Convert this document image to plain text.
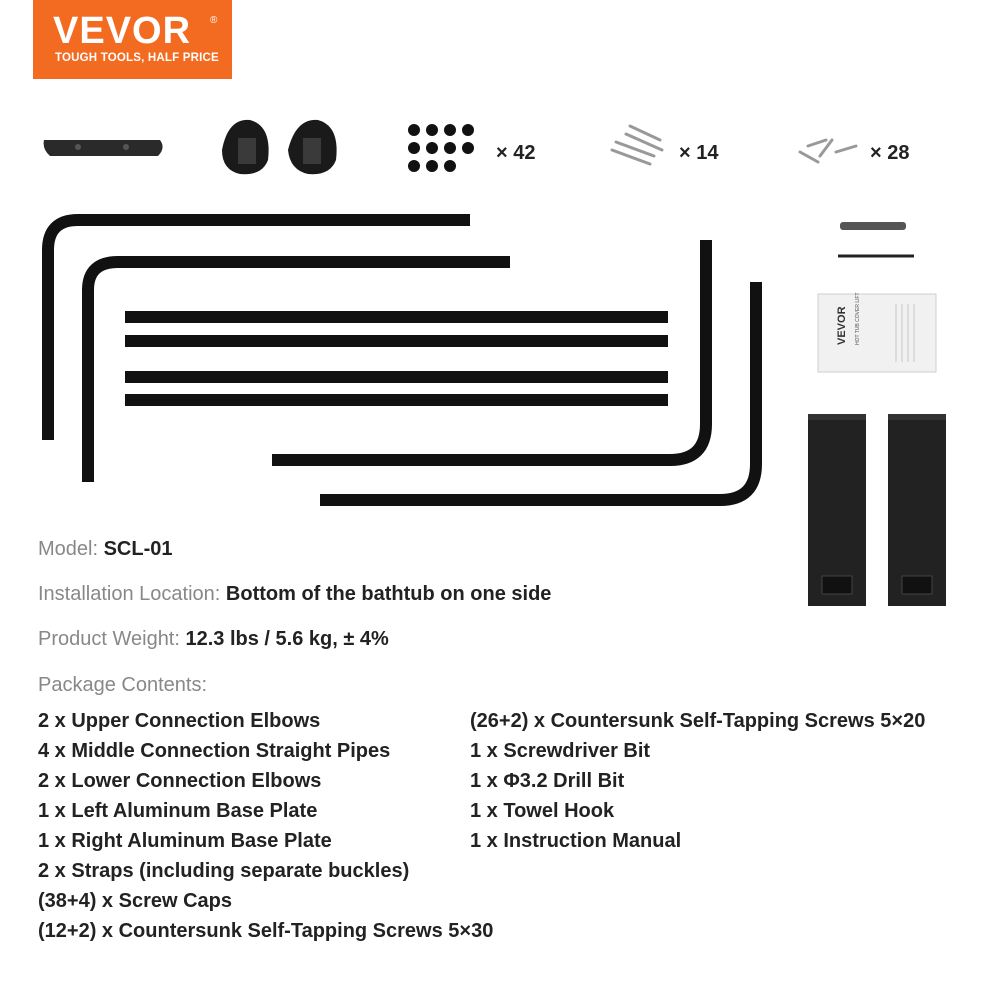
VEVOR ®
TOUGH TOOLS, HALF PRICE
VEVOR HOT TUB COVER LIFT
× 42	× 14	× 28
Model: SCL-01
Installation Location: Bottom of the bathtub on one side
Product Weight: 12.3 lbs / 5.6 kg, ± 4%
Package Contents:
2 x Upper Connection Elbows
4 x Middle Connection Straight Pipes
2 x Lower Connection Elbows
1 x Left Aluminum Base Plate
1 x Right Aluminum Base Plate
2 x Straps (including separate buckles)
(38+4) x Screw Caps
(12+2) x Countersunk Self-Tapping Screws 5×30
(26+2) x Countersunk Self-Tapping Screws 5×20
1 x Screwdriver Bit
1 x Φ3.2 Drill Bit
1 x Towel Hook
1 x Instruction Manual
